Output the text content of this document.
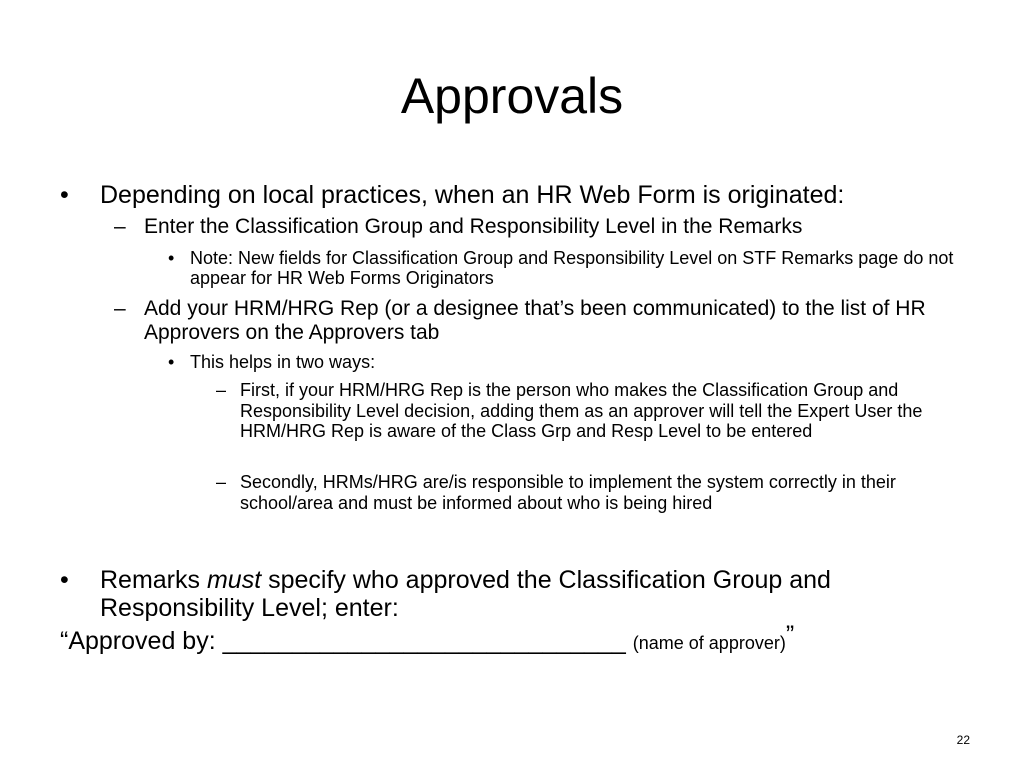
Approvals
• Depending on local practices, when an HR Web Form is originated:
– Enter the Classification Group and Responsibility Level in the Remarks
• Note: New fields for Classification Group and Responsibility Level on STF Remarks page do not appear for HR Web Forms Originators
– Add your HRM/HRG Rep (or a designee that’s been communicated) to the list of HR Approvers on the Approvers tab
• This helps in two ways:
– First, if your HRM/HRG Rep is the person who makes the Classification Group and Responsibility Level decision, adding them as an approver will tell the Expert User the HRM/HRG Rep is aware of the Class Grp and Resp Level to be entered
– Secondly, HRMs/HRG are/is responsible to implement the system correctly in their school/area and must be informed about who is being hired
• Remarks must specify who approved the Classification Group and Responsibility Level; enter:
“Approved by: _____________________________ (name of approver)”
22
